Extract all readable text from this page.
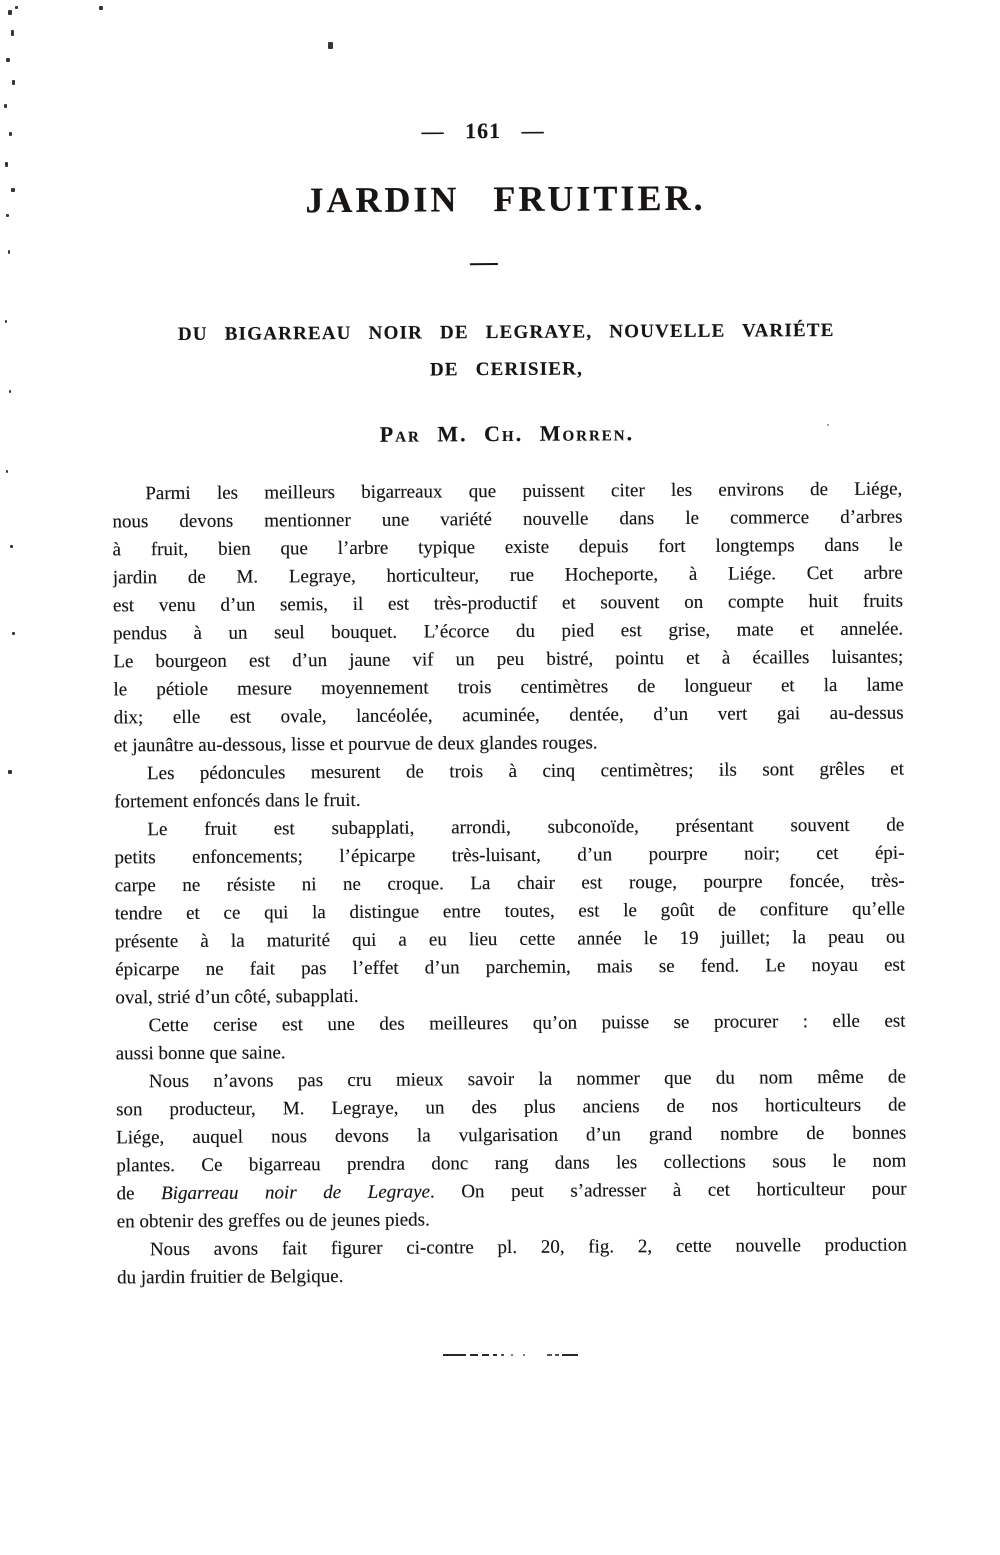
— 161 —
JARDIN FRUITIER.
DU BIGARREAU NOIR DE LEGRAYE, NOUVELLE VARIÉTE
DE CERISIER,
Par M. Ch. Morren.
Parmi les meilleurs bigarreaux que puissent citer les environs de Liége,
nous devons mentionner une variété nouvelle dans le commerce d’arbres
à fruit, bien que l’arbre typique existe depuis fort longtemps dans le
jardin de M. Legraye, horticulteur, rue Hocheporte, à Liége. Cet arbre
est venu d’un semis, il est très-productif et souvent on compte huit fruits
pendus à un seul bouquet. L’écorce du pied est grise, mate et annelée.
Le bourgeon est d’un jaune vif un peu bistré, pointu et à écailles luisantes;
le pétiole mesure moyennement trois centimètres de longueur et la lame
dix; elle est ovale, lancéolée, acuminée, dentée, d’un vert gai au-dessus
et jaunâtre au-dessous, lisse et pourvue de deux glandes rouges.
Les pédoncules mesurent de trois à cinq centimètres; ils sont grêles et
fortement enfoncés dans le fruit.
Le fruit est subapplati, arrondi, subconoïde, présentant souvent de
petits enfoncements; l’épicarpe très-luisant, d’un pourpre noir; cet épi-
carpe ne résiste ni ne croque. La chair est rouge, pourpre foncée, très-
tendre et ce qui la distingue entre toutes, est le goût de confiture qu’elle
présente à la maturité qui a eu lieu cette année le 19 juillet; la peau ou
épicarpe ne fait pas l’effet d’un parchemin, mais se fend. Le noyau est
oval, strié d’un côté, subapplati.
Cette cerise est une des meilleures qu’on puisse se procurer : elle est
aussi bonne que saine.
Nous n’avons pas cru mieux savoir la nommer que du nom même de
son producteur, M. Legraye, un des plus anciens de nos horticulteurs de
Liége, auquel nous devons la vulgarisation d’un grand nombre de bonnes
plantes. Ce bigarreau prendra donc rang dans les collections sous le nom
de Bigarreau noir de Legraye. On peut s’adresser à cet horticulteur pour
en obtenir des greffes ou de jeunes pieds.
Nous avons fait figurer ci-contre pl. 20, fig. 2, cette nouvelle production
du jardin fruitier de Belgique.
